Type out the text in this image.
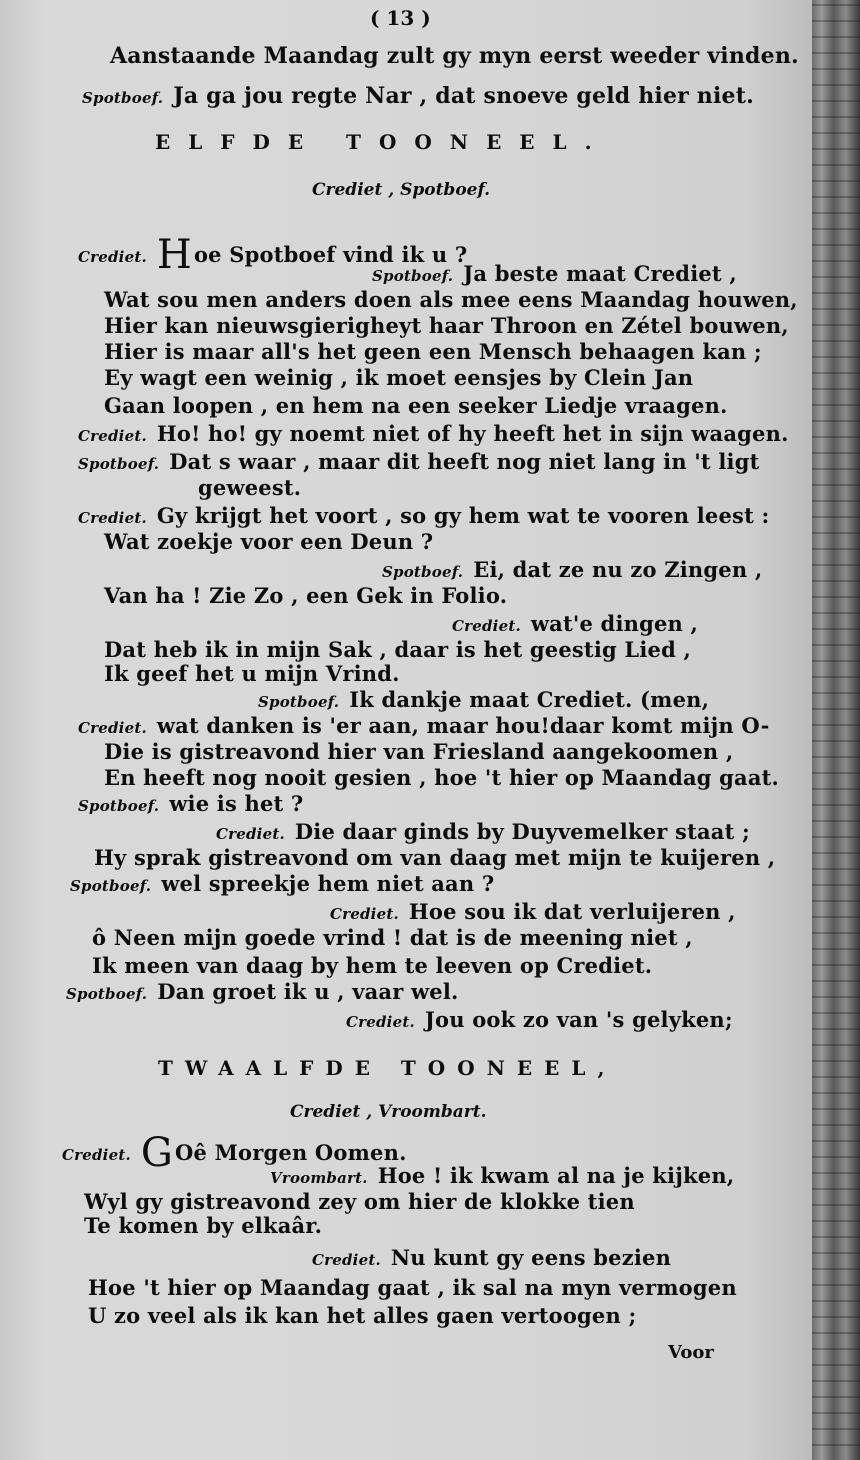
( 13 )
Aanstaande Maandag zult gy myn eerst weeder vinden.
Spotboef. Ja ga jou regte Nar , dat snoeve geld hier niet.
ELFDE TOONEEL.
Crediet , Spotboef.
Crediet. Hoe Spotboef vind ik u ?
Spotboef. Ja beste maat Crediet ,
Wat sou men anders doen als mee eens Maandag houwen,
Hier kan nieuwsgierigheyt haar Throon en Zétel bouwen,
Hier is maar all's het geen een Mensch behaagen kan ;
Ey wagt een weinig , ik moet eensjes by Clein Jan
Gaan loopen , en hem na een seeker Liedje vraagen.
Crediet. Ho! ho! gy noemt niet of hy heeft het in sijn waagen.
Spotboef. Dat s waar , maar dit heeft nog niet lang in 't ligt
geweest.
Crediet. Gy krijgt het voort , so gy hem wat te vooren leest :
Wat zoekje voor een Deun ?
Spotboef. Ei, dat ze nu zo Zingen ,
Van ha ! Zie Zo , een Gek in Folio.
Crediet. wat'e dingen ,
Dat heb ik in mijn Sak , daar is het geestig Lied ,
Ik geef het u mijn Vrind.
Spotboef. Ik dankje maat Crediet. (men,
Crediet. wat danken is 'er aan, maar hou!daar komt mijn O-
Die is gistreavond hier van Friesland aangekoomen ,
En heeft nog nooit gesien , hoe 't hier op Maandag gaat.
Spotboef. wie is het ?
Crediet. Die daar ginds by Duyvemelker staat ;
Hy sprak gistreavond om van daag met mijn te kuijeren ,
Spotboef. wel spreekje hem niet aan ?
Crediet. Hoe sou ik dat verluijeren ,
ô Neen mijn goede vrind ! dat is de meening niet ,
Ik meen van daag by hem te leeven op Crediet.
Spotboef. Dan groet ik u , vaar wel.
Crediet. Jou ook zo van 's gelyken;
TWAALFDE TOONEEL,
Crediet , Vroombart.
Crediet. GOê Morgen Oomen.
Vroombart. Hoe ! ik kwam al na je kijken,
Wyl gy gistreavond zey om hier de klokke tien
Te komen by elkaâr.
Crediet. Nu kunt gy eens bezien
Hoe 't hier op Maandag gaat , ik sal na myn vermogen
U zo veel als ik kan het alles gaen vertoogen ;
Voor
